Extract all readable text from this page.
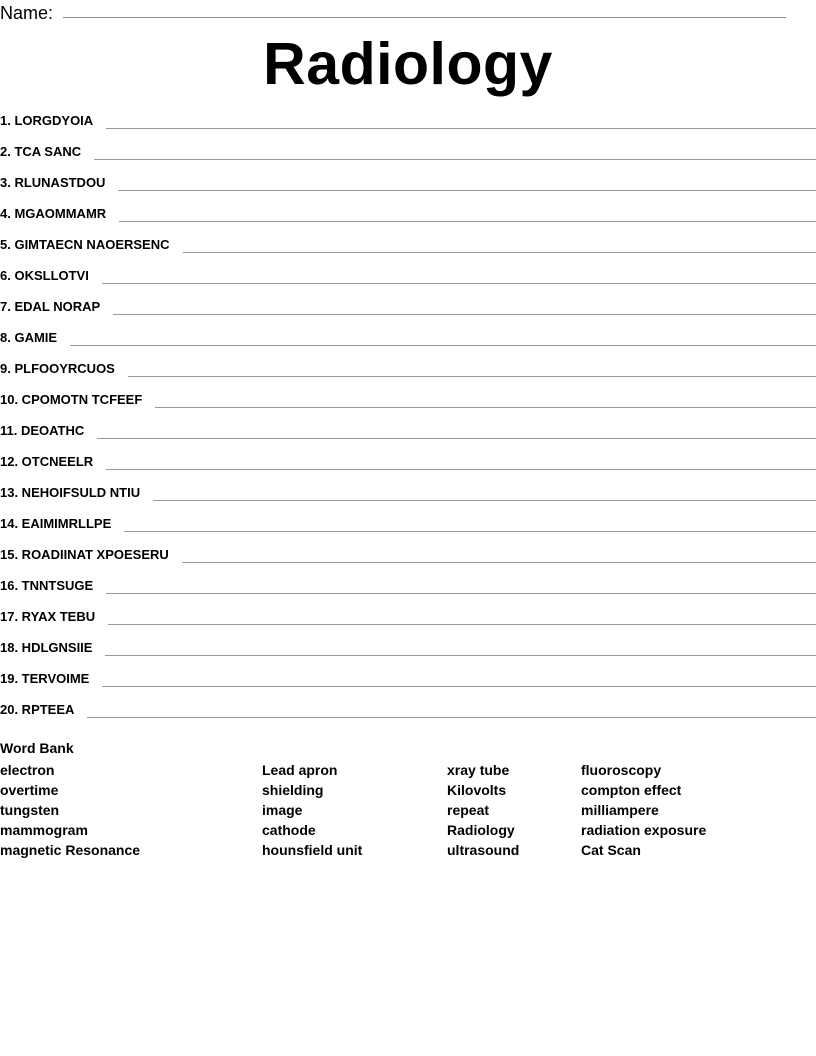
Name:
Radiology
1. LORGDYOIA
2. TCA SANC
3. RLUNASTDOU
4. MGAOMMAMR
5. GIMTAECN NAOERSENC
6. OKSLLOTVI
7. EDAL NORAP
8. GAMIE
9. PLFOOYRCUOS
10. CPOMOTN TCFEEF
11. DEOATHC
12. OTCNEELR
13. NEHOIFSULD NTIU
14. EAIMIMRLLPE
15. ROADIINAT XPOESERU
16. TNNTSUGE
17. RYAX TEBU
18. HDLGNSIIE
19. TERVOIME
20. RPTEEA
Word Bank
electron
overtime
tungsten
mammogram
magnetic Resonance
Lead apron
shielding
image
cathode
hounsfield unit
xray tube
Kilovolts
repeat
Radiology
ultrasound
fluoroscopy
compton effect
milliampere
radiation exposure
Cat Scan
